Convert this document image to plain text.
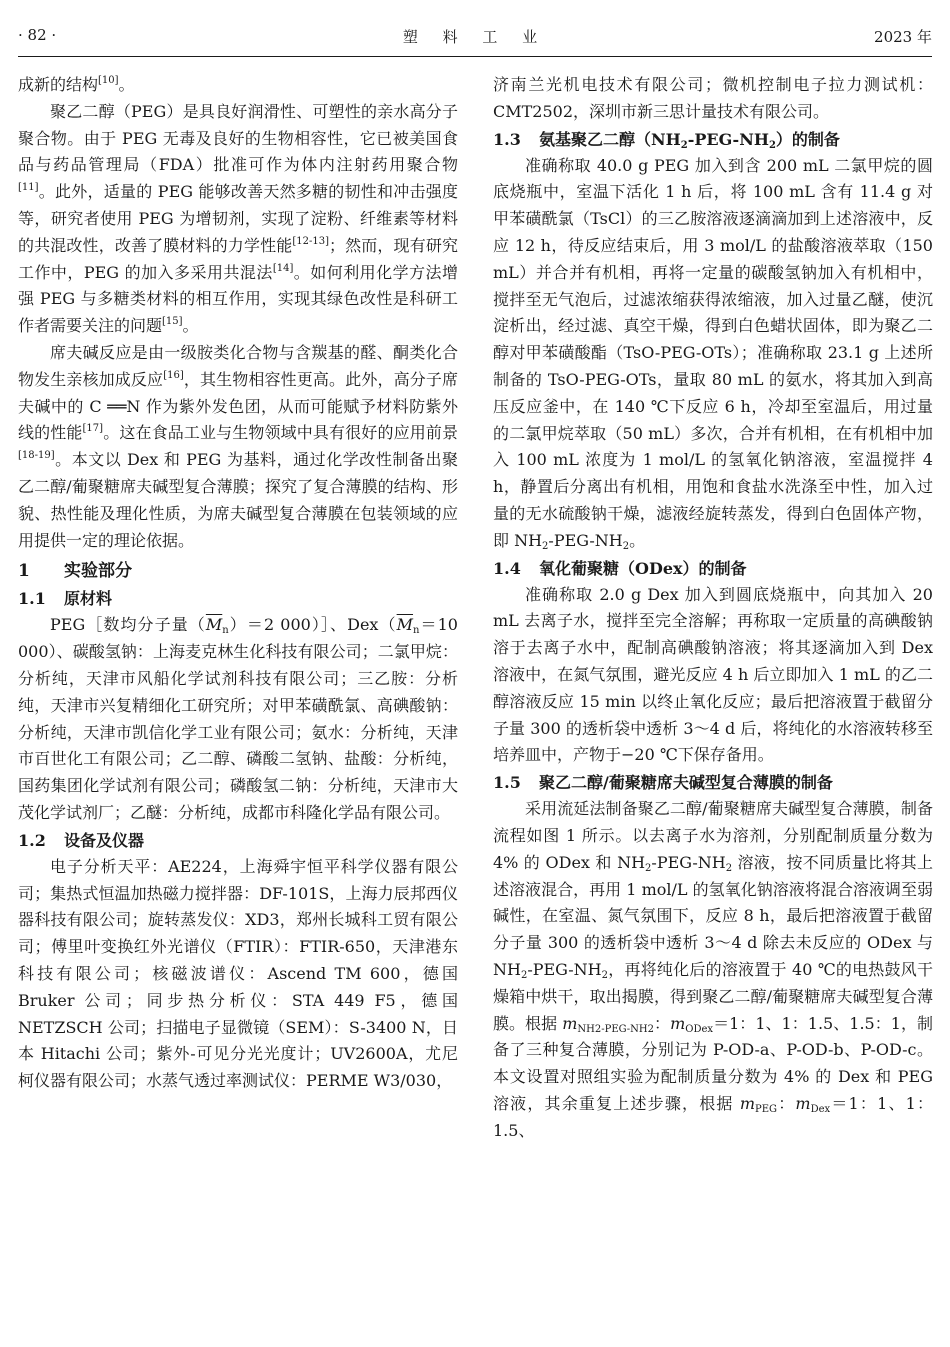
· 82 ·	塑 料 工 业	2023 年

成新的结构[10]。

聚乙二醇（PEG）是具良好润滑性、可塑性的亲水高分子聚合物。由于 PEG 无毒及良好的生物相容性，它已被美国食品与药品管理局（FDA）批准可作为体内注射药用聚合物[11]。此外，适量的 PEG 能够改善天然多糖的韧性和冲击强度等，研究者使用 PEG 为增韧剂，实现了淀粉、纤维素等材料的共混改性，改善了膜材料的力学性能[12-13]；然而，现有研究工作中，PEG 的加入多采用共混法[14]。如何利用化学方法增强 PEG 与多糖类材料的相互作用，实现其绿色改性是科研工作者需要关注的问题[15]。

席夫碱反应是由一级胺类化合物与含羰基的醛、酮类化合物发生亲核加成反应[16]，其生物相容性更高。此外，高分子席夫碱中的 C ══N 作为紫外发色团，从而可能赋予材料防紫外线的性能[17]。这在食品工业与生物领域中具有很好的应用前景[18-19]。本文以 Dex 和 PEG 为基料，通过化学改性制备出聚乙二醇/葡聚糖席夫碱型复合薄膜；探究了复合薄膜的结构、形貌、热性能及理化性质，为席夫碱型复合薄膜在包装领域的应用提供一定的理论依据。

1 实验部分
1.1 原材料

PEG［数均分子量$(\overline{M}_n)=2$ 000）］、$Dex(\overline{M}_n=10$ 000）、碳酸氢钠：上海麦克林生化科技有限公司；二氯甲烷：分析纯，天津市风船化学试剂科技有限公司；三乙胺：分析纯，天津市兴复精细化工研究所；对甲苯磺酰氯、高碘酸钠：分析纯，天津市凯信化学工业有限公司；氨水：分析纯，天津市百世化工有限公司；乙二醇、磷酸二氢钠、盐酸：分析纯，国药集团化学试剂有限公司；磷酸氢二钠：分析纯，天津市大茂化学试剂厂；乙醚：分析纯，成都市科隆化学品有限公司。

1.2 设备及仪器

电子分析天平：AE224，上海舜宇恒平科学仪器有限公司；集热式恒温加热磁力搅拌器：DF-101S，上海力辰邦西仪器科技有限公司；旋转蒸发仪：XD3，郑州长城科工贸有限公司；傅里叶变换红外光谱仪（FTIR）：FTIR-650，天津港东科技有限公司；核磁波谱仪：Ascend TM 600，德国 Bruker 公司；同步热分析仪：STA 449 F5，德国 NETZSCH 公司；扫描电子显微镜（SEM）：S-3400 N，日本 Hitachi 公司；紫外-可见分光光度计；UV2600A，尤尼柯仪器有限公司；水蒸气透过率测试仪：PERME W3/030，

济南兰光机电技术有限公司；微机控制电子拉力测试机：CMT2502，深圳市新三思计量技术有限公司。

1.3 氨基聚乙二醇$(NH_2-PEG-NH_2)$的制备

准确称取 40.0 g PEG 加入到含 200 mL 二氯甲烷的圆底烧瓶中，室温下活化 1 h 后，将 100 mL 含有 11.4 g 对甲苯磺酰氯（TsCl）的三乙胺溶液逐滴滴加到上述溶液中，反应 12 h，待反应结束后，用 3 mol/L 的盐酸溶液萃取（150 mL）并合并有机相，再将一定量的碳酸氢钠加入有机相中，搅拌至无气泡后，过滤浓缩获得浓缩液，加入过量乙醚，使沉淀析出，经过滤、真空干燥，得到白色蜡状固体，即为聚乙二醇对甲苯磺酸酯（TsO-PEG-OTs）；准确称取 23.1 g 上述所制备的 TsO-PEG-OTs，量取 80 mL 的氨水，将其加入到高压反应釜中，在 140 ℃下反应 6 h，冷却至室温后，用过量的二氯甲烷萃取（50 mL）多次，合并有机相，在有机相中加入 100 mL 浓度为 1 mol/L 的氢氧化钠溶液，室温搅拌 4 h，静置后分离出有机相，用饱和食盐水洗涤至中性，加入过量的无水硫酸钠干燥，滤液经旋转蒸发，得到白色固体产物，即 $NH_2-PEG-NH_2$。

1.4 氧化葡聚糖（ODex）的制备

准确称取 2.0 g Dex 加入到圆底烧瓶中，向其加入 20 mL 去离子水，搅拌至完全溶解；再称取一定质量的高碘酸钠溶于去离子水中，配制高碘酸钠溶液；将其逐滴加入到 Dex 溶液中，在氮气氛围，避光反应 4 h 后立即加入 1 mL 的乙二醇溶液反应 15 min 以终止氧化反应；最后把溶液置于截留分子量 300 的透析袋中透析 3～4 d 后，将纯化的水溶液转移至培养皿中，产物于−20 ℃下保存备用。

1.5 聚乙二醇/葡聚糖席夫碱型复合薄膜的制备

采用流延法制备聚乙二醇/葡聚糖席夫碱型复合薄膜，制备流程如图 1 所示。以去离子水为溶剂，分别配制质量分数为 4% 的 ODex 和 $NH_2-PEG-NH_2$ 溶液，按不同质量比将其上述溶液混合，再用 1 mol/L 的氢氧化钠溶液将混合溶液调至弱碱性，在室温、氮气氛围下，反应 8 h，最后把溶液置于截留分子量 300 的透析袋中透析 3～4 d 除去未反应的 ODex 与 $NH_2-PEG-NH_2$，再将纯化后的溶液置于 40 ℃的电热鼓风干燥箱中烘干，取出揭膜，得到聚乙二醇/葡聚糖席夫碱型复合薄膜。根据 $m_{NH2-PEG-NH2}$：$m_{ODex}=1$：1、1：1.5、1.5：1，制备了三种复合薄膜，分别记为 P-OD-a、P-OD-b、P-OD-c。本文设置对照组实验为配制质量分数为 4% 的 Dex 和 PEG 溶液，其余重复上述步骤，根据 $m_{PEG}$：$m_{Dex}=1$：1、1：1.5、
